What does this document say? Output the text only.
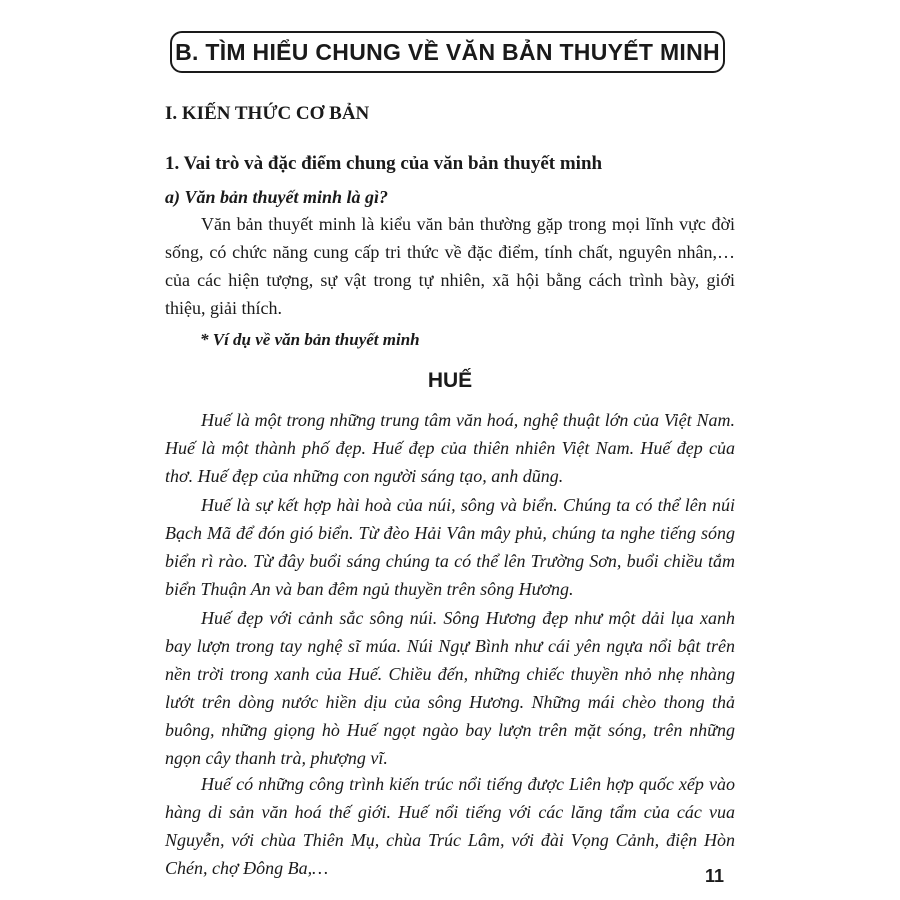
B. TÌM HIỂU CHUNG VỀ VĂN BẢN THUYẾT MINH
I. KIẾN THỨC CƠ BẢN
1. Vai trò và đặc điểm chung của văn bản thuyết minh
a) Văn bản thuyết minh là gì?

Văn bản thuyết minh là kiểu văn bản thường gặp trong mọi lĩnh vực đời sống, có chức năng cung cấp tri thức về đặc điểm, tính chất, nguyên nhân,… của các hiện tượng, sự vật trong tự nhiên, xã hội bằng cách trình bày, giới thiệu, giải thích.

* Ví dụ về văn bản thuyết minh
HUẾ

Huế là một trong những trung tâm văn hoá, nghệ thuật lớn của Việt Nam. Huế là một thành phố đẹp. Huế đẹp của thiên nhiên Việt Nam. Huế đẹp của thơ. Huế đẹp của những con người sáng tạo, anh dũng.

Huế là sự kết hợp hài hoà của núi, sông và biển. Chúng ta có thể lên núi Bạch Mã để đón gió biển. Từ đèo Hải Vân mây phủ, chúng ta nghe tiếng sóng biển rì rào. Từ đây buổi sáng chúng ta có thể lên Trường Sơn, buổi chiều tắm biển Thuận An và ban đêm ngủ thuyền trên sông Hương.

Huế đẹp với cảnh sắc sông núi. Sông Hương đẹp như một dải lụa xanh bay lượn trong tay nghệ sĩ múa. Núi Ngự Bình như cái yên ngựa nổi bật trên nền trời trong xanh của Huế. Chiều đến, những chiếc thuyền nhỏ nhẹ nhàng lướt trên dòng nước hiền dịu của sông Hương. Những mái chèo thong thả buông, những giọng hò Huế ngọt ngào bay lượn trên mặt sóng, trên những ngọn cây thanh trà, phượng vĩ.

Huế có những công trình kiến trúc nổi tiếng được Liên hợp quốc xếp vào hàng di sản văn hoá thế giới. Huế nổi tiếng với các lăng tẩm của các vua Nguyễn, với chùa Thiên Mụ, chùa Trúc Lâm, với đài Vọng Cảnh, điện Hòn Chén, chợ Đông Ba,…	11
